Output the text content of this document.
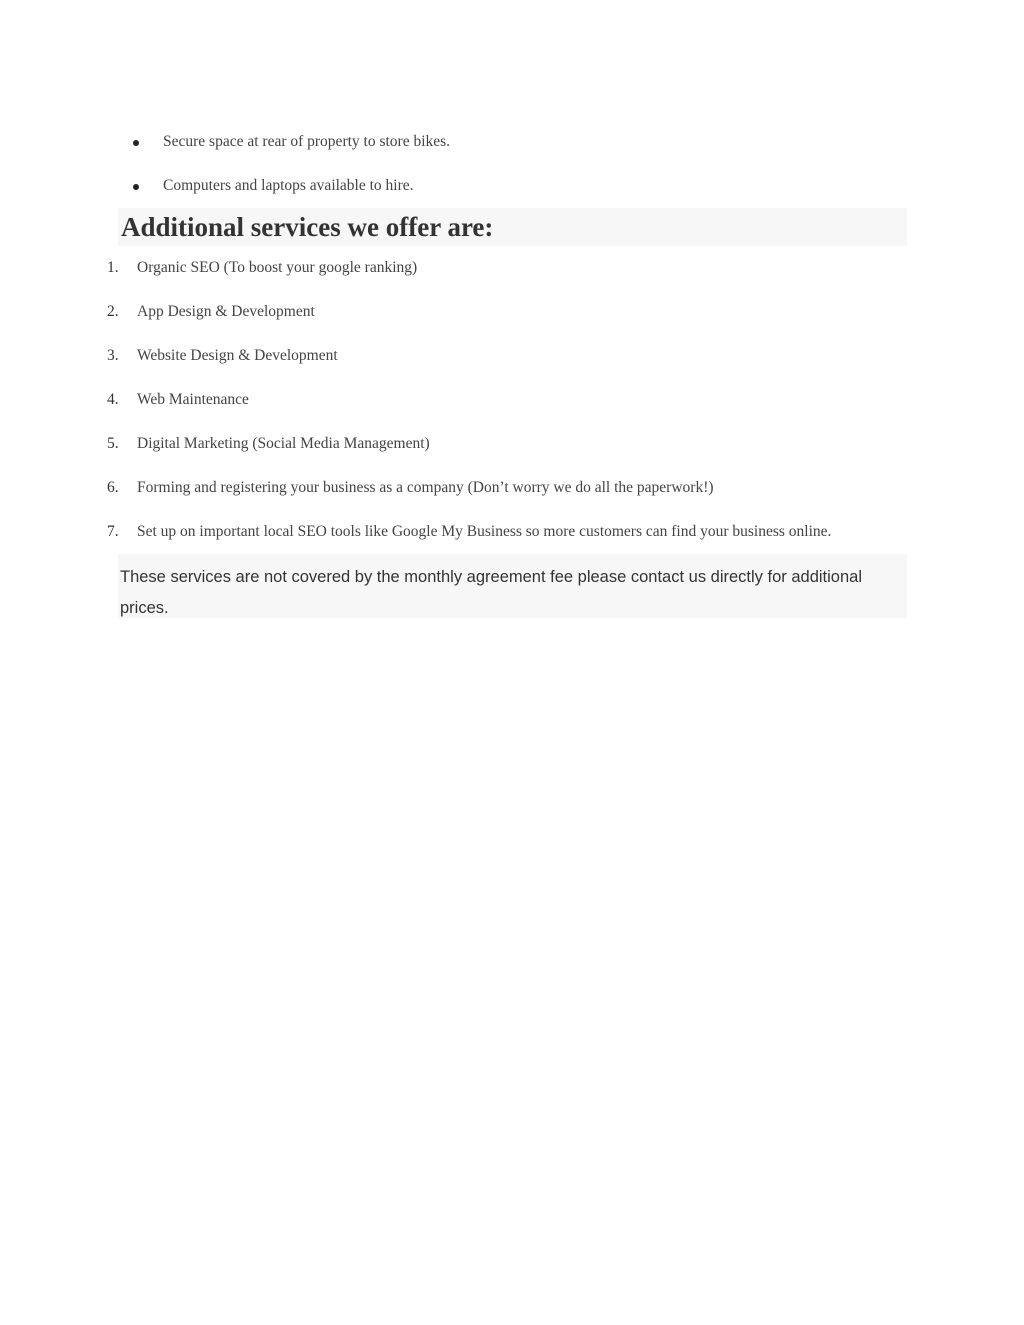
Secure space at rear of property to store bikes.
Computers and laptops available to hire.
Additional services we offer are:
1. Organic SEO (To boost your google ranking)
2. App Design & Development
3. Website Design & Development
4. Web Maintenance
5. Digital Marketing (Social Media Management)
6. Forming and registering your business as a company (Don’t worry we do all the paperwork!)
7. Set up on important local SEO tools like Google My Business so more customers can find your business online.

These services are not covered by the monthly agreement fee please contact us directly for additional prices.
